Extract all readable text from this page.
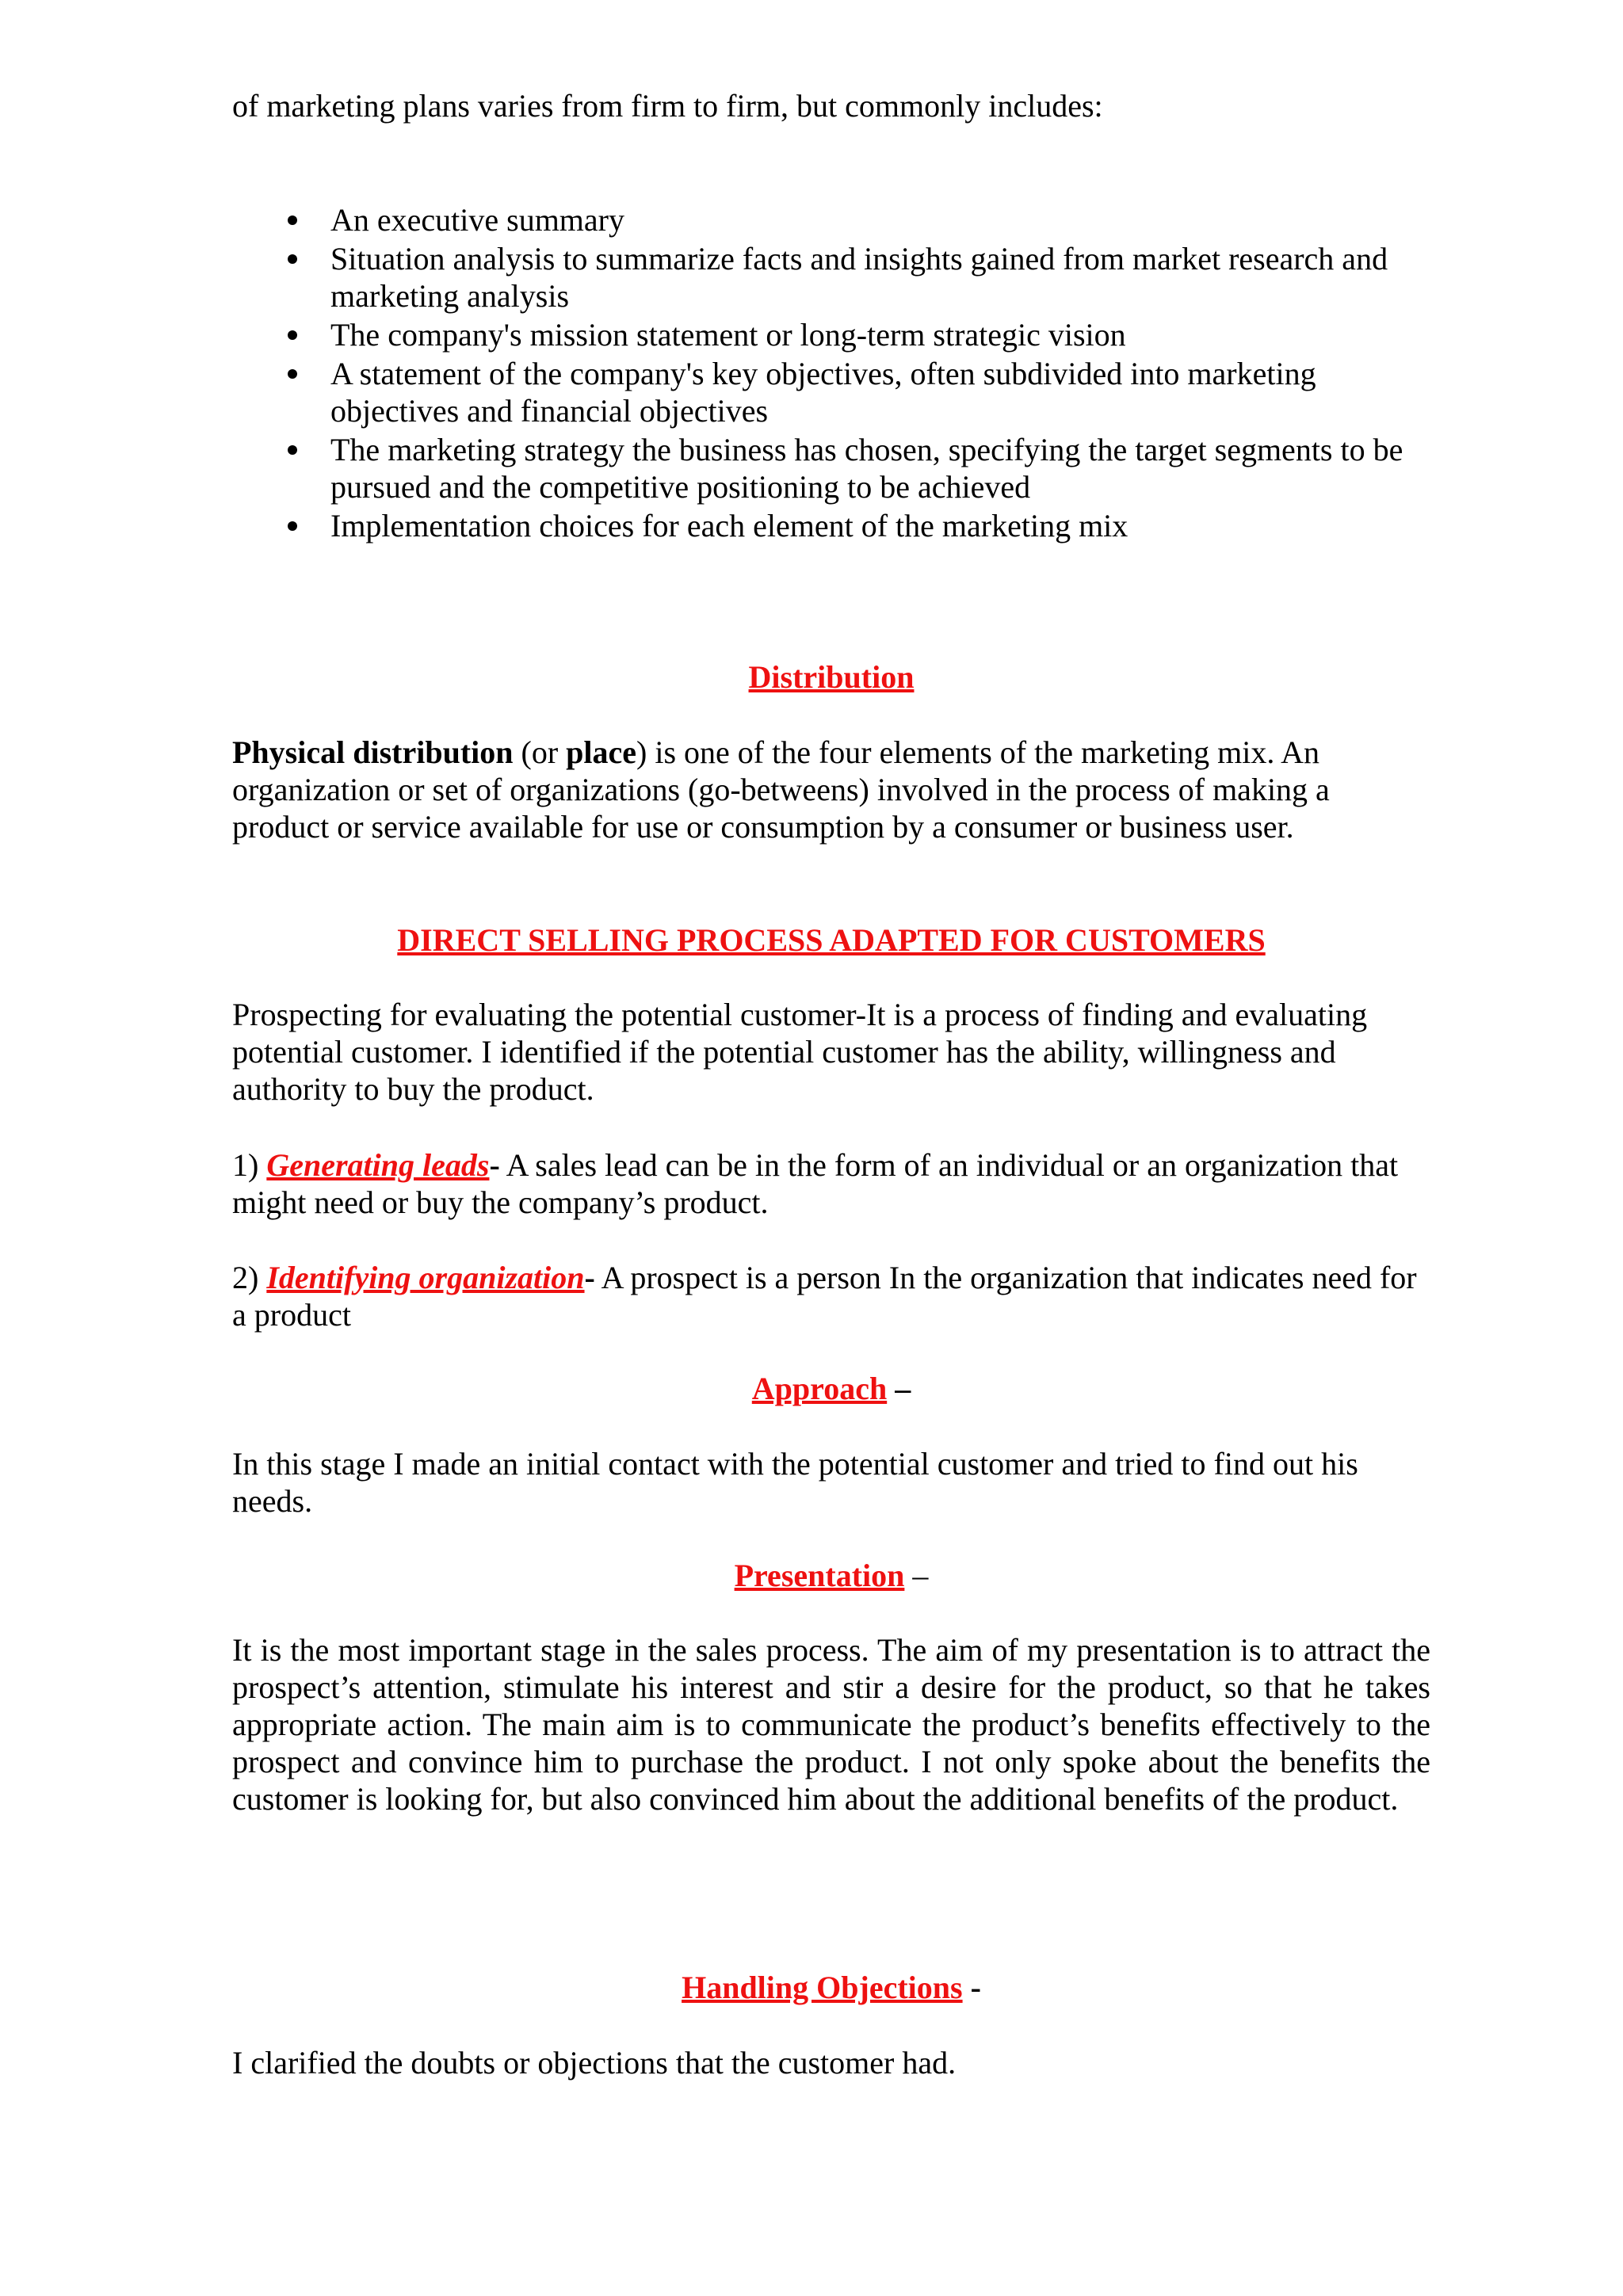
of marketing plans varies from firm to firm, but commonly includes:

An executive summary
Situation analysis to summarize facts and insights gained from market research and marketing analysis
The company's mission statement or long-term strategic vision
A statement of the company's key objectives, often subdivided into marketing objectives and financial objectives
The marketing strategy the business has chosen, specifying the target segments to be pursued and the competitive positioning to be achieved
Implementation choices for each element of the marketing mix

Distribution

Physical distribution (or place) is one of the four elements of the marketing mix. An organization or set of organizations (go-betweens) involved in the process of making a product or service available for use or consumption by a consumer or business user.

DIRECT SELLING PROCESS ADAPTED FOR CUSTOMERS

Prospecting for evaluating the potential customer-It is a process of finding and evaluating potential customer. I identified if the potential customer has the ability, willingness and authority to buy the product.

1) Generating leads- A sales lead can be in the form of an individual or an organization that might need or buy the company’s product.

2) Identifying organization- A prospect is a person In the organization that indicates need for a product

Approach –

In this stage I made an initial contact with the potential customer and tried to find out his needs.

Presentation –

It is the most important stage in the sales process. The aim of my presentation is to attract the prospect’s attention, stimulate his interest and stir a desire for the product, so that he takes appropriate action. The main aim is to communicate the product’s benefits effectively to the prospect and convince him to purchase the product. I not only spoke about the benefits the customer is looking for, but also convinced him about the additional benefits of the product.

Handling Objections -

I clarified the doubts or objections that the customer had.
